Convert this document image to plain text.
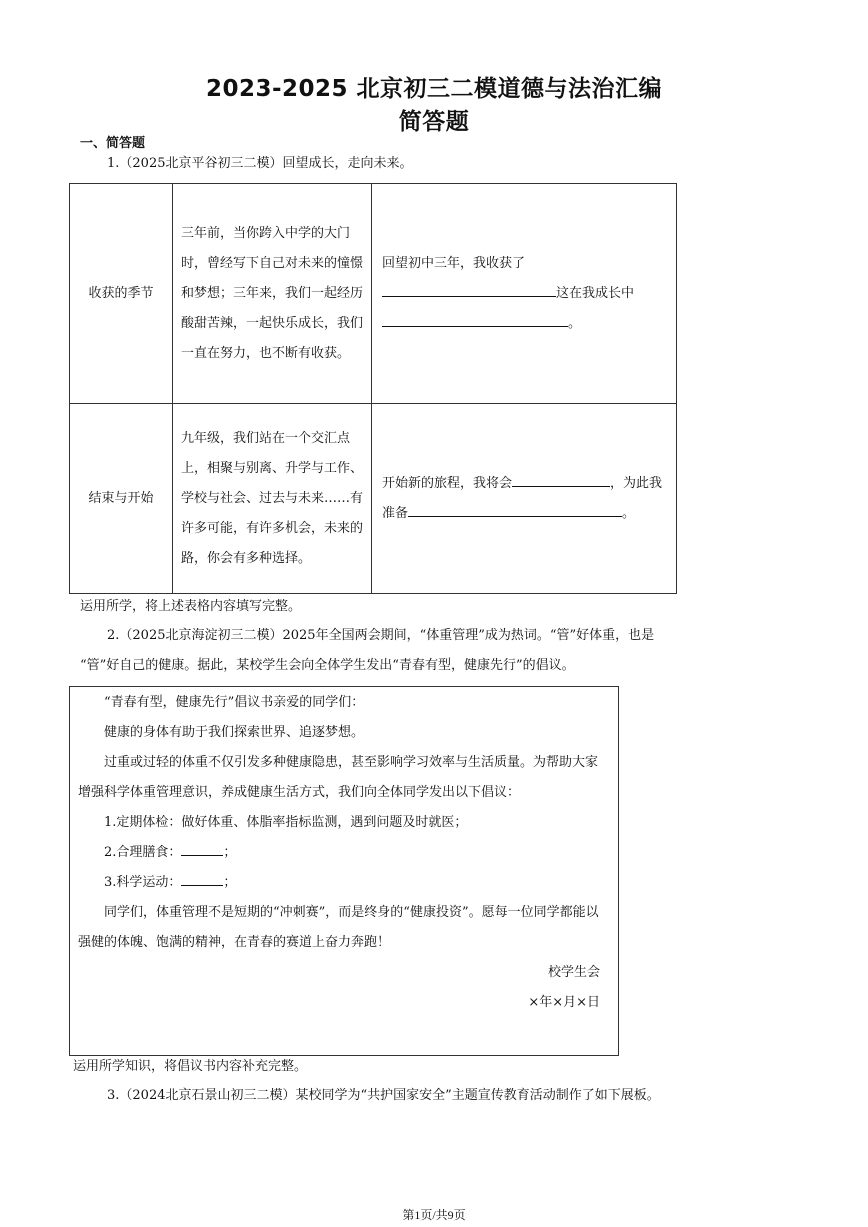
2023-2025 北京初三二模道德与法治汇编
简答题
一、简答题
1.（2025北京平谷初三二模）回望成长，走向未来。
收获的季节	三年前，当你跨入中学的大门时，曾经写下自己对未来的憧憬和梦想；三年来，我们一起经历酸甜苦辣，一起快乐成长，我们一直在努力，也不断有收获。	回望初中三年，我收获了
这在我成长中
。

结束与开始	九年级，我们站在一个交汇点上，相聚与别离、升学与工作、学校与社会、过去与未来……有许多可能，有许多机会，未来的路，你会有多种选择。	开始新的旅程，我将会 ，为此我
准备 。
运用所学，将上述表格内容填写完整。
2.（2025北京海淀初三二模）2025年全国两会期间，“体重管理”成为热词。“管”好体重，也是
“管”好自己的健康。据此，某校学生会向全体学生发出“青春有型，健康先行”的倡议。

“青春有型，健康先行”倡议书亲爱的同学们：

健康的身体有助于我们探索世界、追逐梦想。

过重或过轻的体重不仅引发多种健康隐患，甚至影响学习效率与生活质量。为帮助大家增强科学体重管理意识，养成健康生活方式，我们向全体同学发出以下倡议：

1.定期体检：做好体重、体脂率指标监测，遇到问题及时就医；

2.合理膳食：	；

3.科学运动：	；

同学们，体重管理不是短期的“冲刺赛”，而是终身的“健康投资”。愿每一位同学都能以强健的体魄、饱满的精神，在青春的赛道上奋力奔跑！

校学生会

×年×月×日

运用所学知识，将倡议书内容补充完整。
3.（2024北京石景山初三二模）某校同学为“共护国家安全”主题宣传教育活动制作了如下展板。
第1页/共9页
